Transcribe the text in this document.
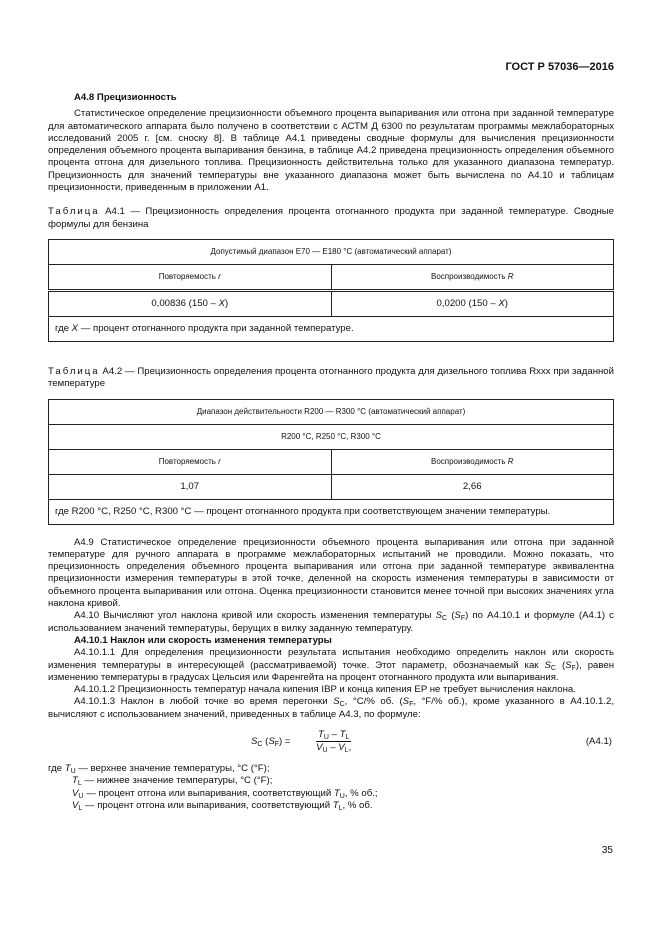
ГОСТ Р 57036—2016

А4.8 Прецизионность

Статистическое определение прецизионности объемного процента выпаривания или отгона при заданной температуре для автоматического аппарата было получено в соответствии с АСТМ Д 6300 по результатам программы межлабораторных исследований 2005 г. [см. сноску 8]. В таблице А4.1 приведены сводные формулы для вычисления прецизионности определения объемного процента выпаривания бензина, в таблице А4.2 приведена прецизионность определения объемного процента отгона для дизельного топлива. Прецизионность действительна только для указанного диапазона температур. Прецизионность для значений температуры вне указанного диапазона может быть вычислена по А4.10 и таблицам прецизионности, приведенным в приложении А1.

Таблица А4.1 — Прецизионность определения процента отогнанного продукта при заданной температуре. Сводные формулы для бензина

Допустимый диапазон Е70 — Е180 °С (автоматический аппарат)	
Повторяемость r	Воспроизводимость R
0,00836 (150 – X)	0,0200 (150 – X)
где X — процент отогнанного продукта при заданной температуре.	

Таблица А4.2 — Прецизионность определения процента отогнанного продукта для дизельного топлива Rxxx при заданной температуре

Диапазон действительности R200 — R300 °С (автоматический аппарат)	
R200 °С, R250 °С, R300 °С	
Повторяемость r	Воспроизводимость R
1,07	2,66
где R200 °С, R250 °С, R300 °С — процент отогнанного продукта при соответствующем значении температуры.	

А4.9 Статистическое определение прецизионности объемного процента выпаривания или отгона при заданной температуре для ручного аппарата в программе межлабораторных испытаний не проводили. Можно показать, что прецизионность определения объемного процента выпаривания или отгона при заданной температуре эквивалентна прецизионности измерения температуры в этой точке, деленной на скорость изменения температуры в зависимости от объемного процента выпаривания или отгона. Оценка прецизионности становится менее точной при высоких значениях угла наклона кривой.

А4.10 Вычисляют угол наклона кривой или скорость изменения температуры $S_C$ $(S_F)$ по А4.10.1 и формуле (А4.1) с использованием значений температуры, берущих в вилку заданную температуру.

А4.10.1 Наклон или скорость изменения температуры

А4.10.1.1 Для определения прецизионности результата испытания необходимо определить наклон или скорость изменения температуры в интересующей (рассматриваемой) точке. Этот параметр, обозначаемый как $S_C$ $(S_F)$, равен изменению температуры в градусах Цельсия или Фаренгейта на процент отогнанного продукта или выпаривания.

А4.10.1.2 Прецизионность температур начала кипения IBP и конца кипения EP не требует вычисления наклона.

А4.10.1.3 Наклон в любой точке во время перегонки $S_C$, °С/% об. ($S_F$, °F/% об.), кроме указанного в А4.10.1.2, вычисляют с использованием значений, приведенных в таблице А4.3, по формуле:

$S_C$ $(S_F)$ =	$\frac{T_U - T_L}{V_U - V_L,}$	(А4.1)
где $T_U$ — верхнее значение температуры, °С (°F);
$T_L$ — нижнее значение температуры, °С (°F);
$V_U$ — процент отгона или выпаривания, соответствующий $T_U$, % об.;
$V_L$ — процент отгона или выпаривания, соответствующий $T_L$, % об.
35
